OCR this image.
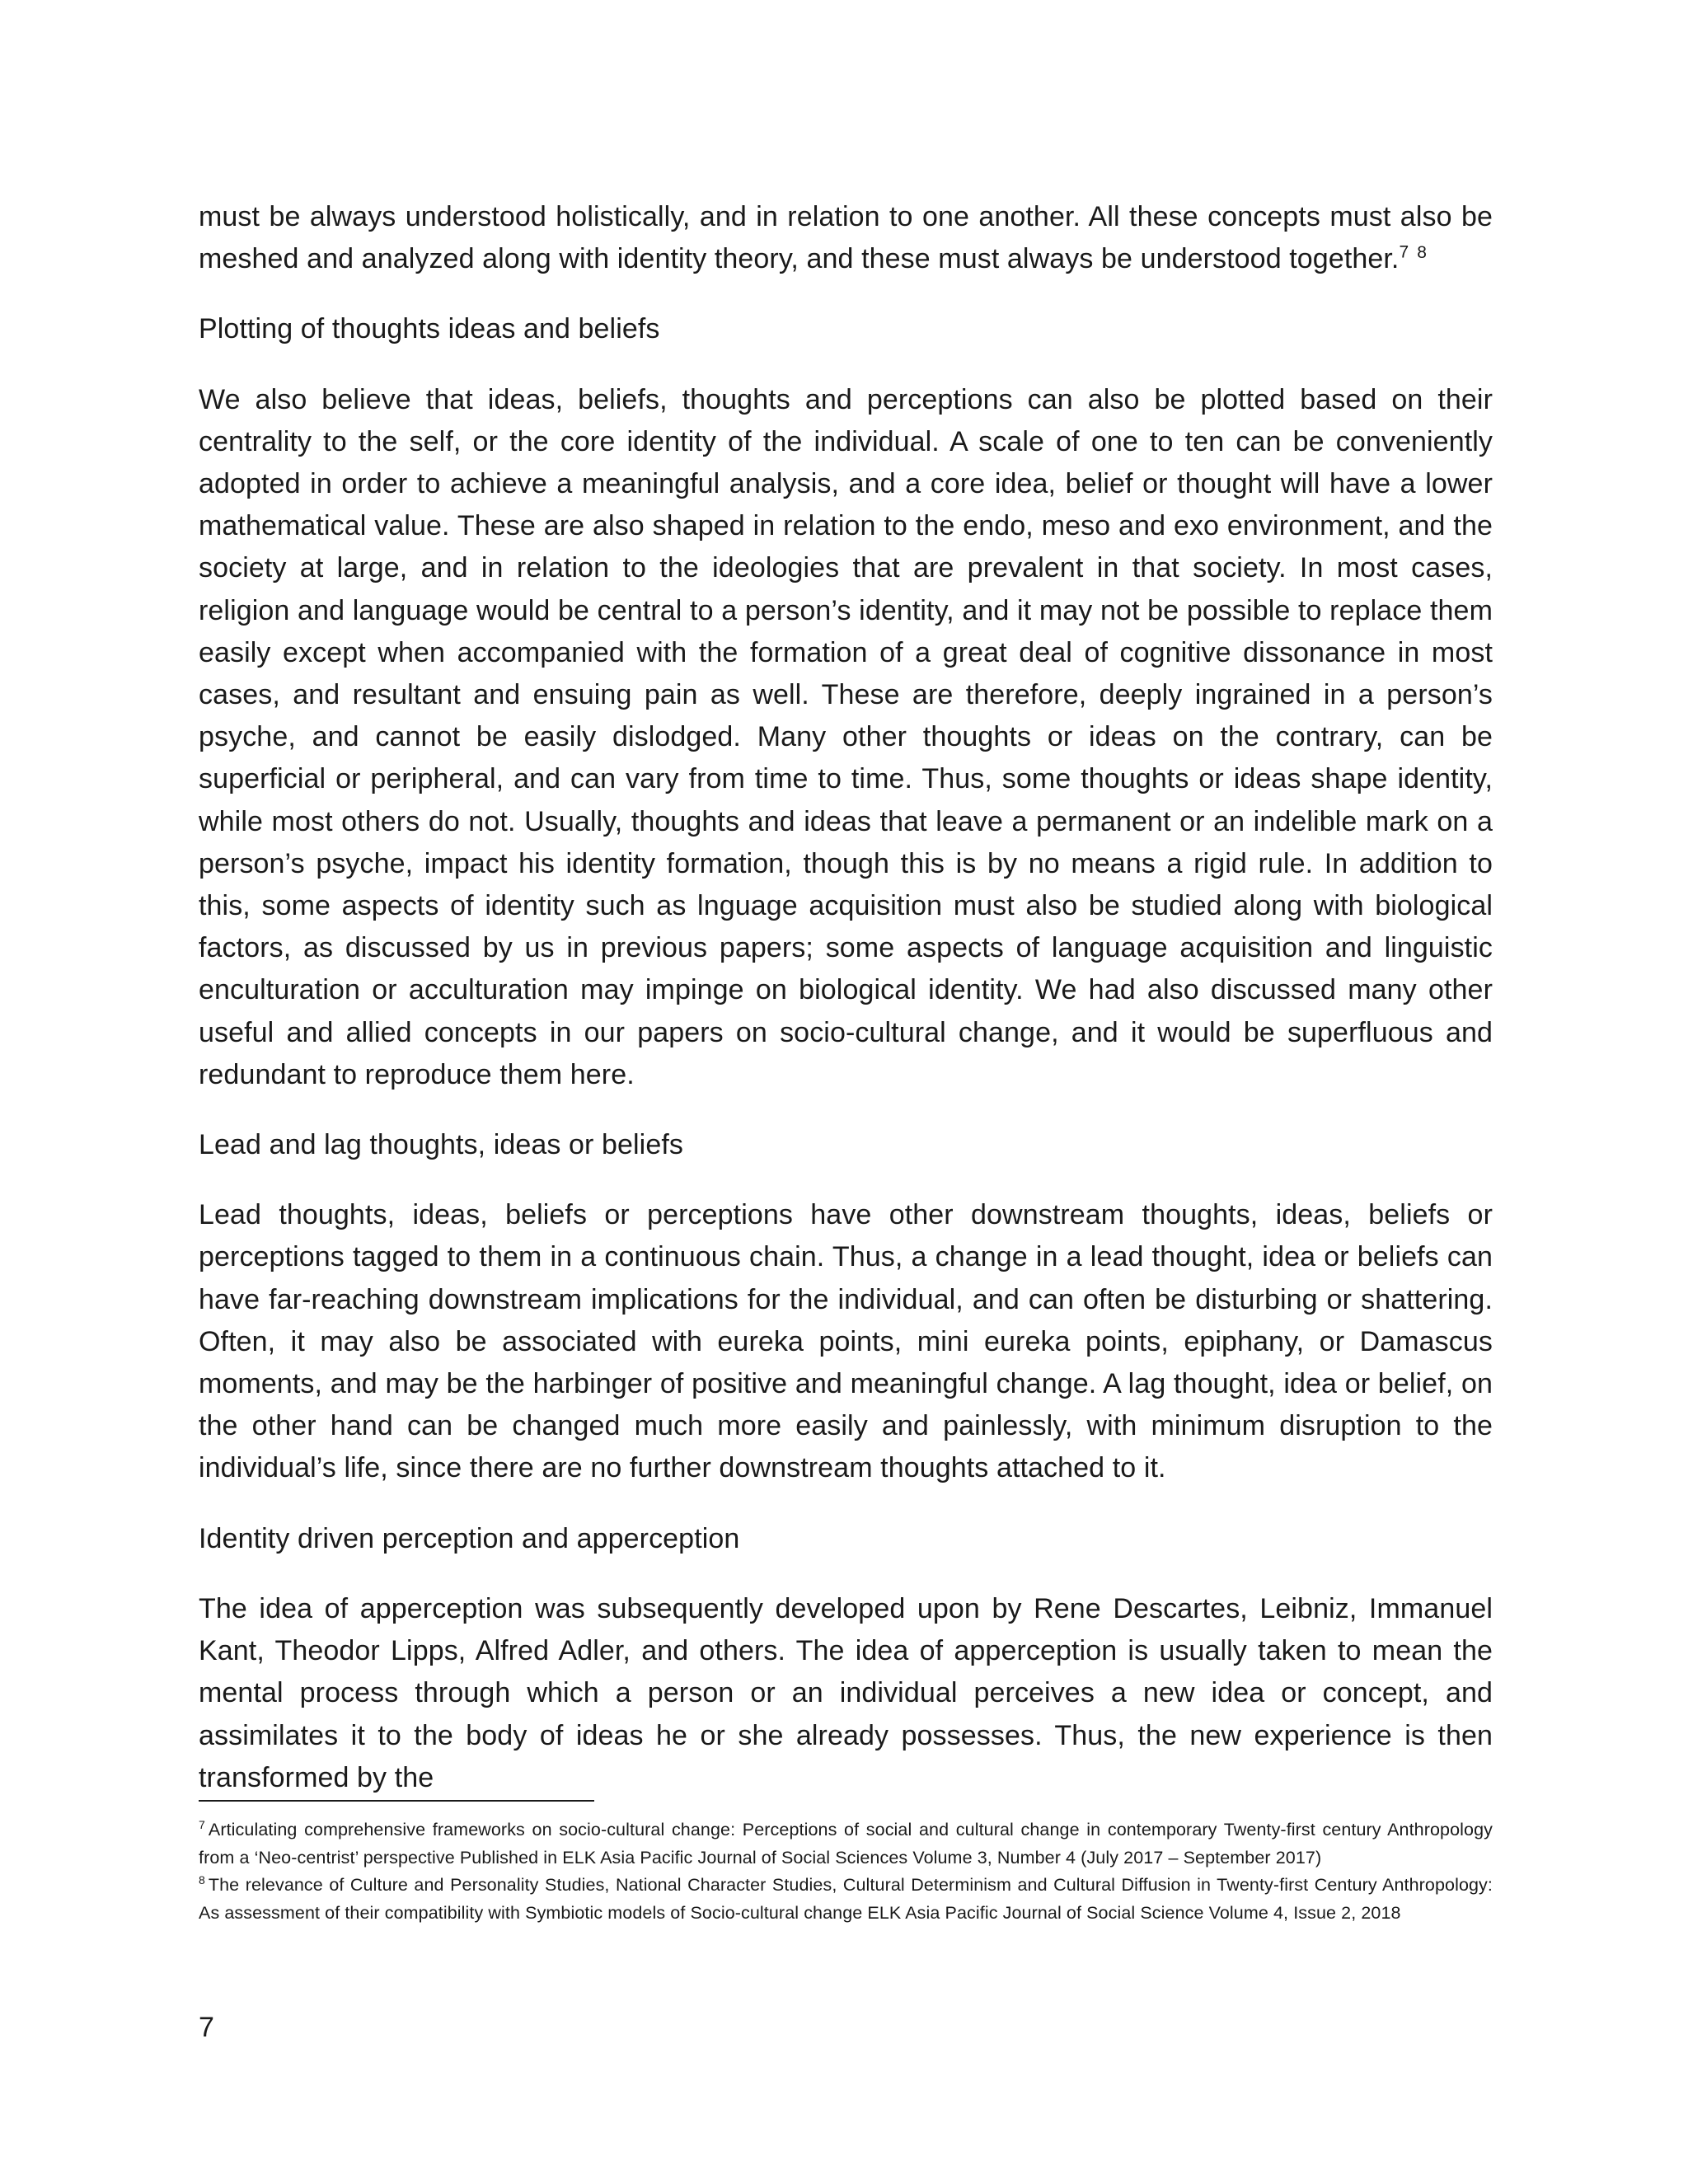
must be always understood holistically, and in relation to one another. All these concepts must also be meshed and analyzed along with identity theory, and these must always be understood together.$^7$ $^8$

Plotting of thoughts ideas and beliefs

We also believe that ideas, beliefs, thoughts and perceptions can also be plotted based on their centrality to the self, or the core identity of the individual. A scale of one to ten can be conveniently adopted in order to achieve a meaningful analysis, and a core idea, belief or thought will have a lower mathematical value. These are also shaped in relation to the endo, meso and exo environment, and the society at large, and in relation to the ideologies that are prevalent in that society. In most cases, religion and language would be central to a person’s identity, and it may not be possible to replace them easily except when accompanied with the formation of a great deal of cognitive dissonance in most cases, and resultant and ensuing pain as well. These are therefore, deeply ingrained in a person’s psyche, and cannot be easily dislodged. Many other thoughts or ideas on the contrary, can be superficial or peripheral, and can vary from time to time. Thus, some thoughts or ideas shape identity, while most others do not. Usually, thoughts and ideas that leave a permanent or an indelible mark on a person’s psyche, impact his identity formation, though this is by no means a rigid rule. In addition to this, some aspects of identity such as lnguage acquisition must also be studied along with biological factors, as discussed by us in previous papers; some aspects of language acquisition and linguistic enculturation or acculturation may impinge on biological identity. We had also discussed many other useful and allied concepts in our papers on socio-cultural change, and it would be superfluous and redundant to reproduce them here.

Lead and lag thoughts, ideas or beliefs

Lead thoughts, ideas, beliefs or perceptions have other downstream thoughts, ideas, beliefs or perceptions tagged to them in a continuous chain. Thus, a change in a lead thought, idea or beliefs can have far-reaching downstream implications for the individual, and can often be disturbing or shattering. Often, it may also be associated with eureka points, mini eureka points, epiphany, or Damascus moments, and may be the harbinger of positive and meaningful change. A lag thought, idea or belief, on the other hand can be changed much more easily and painlessly, with minimum disruption to the individual’s life, since there are no further downstream thoughts attached to it.

Identity driven perception and apperception

The idea of apperception was subsequently developed upon by Rene Descartes, Leibniz, Immanuel Kant, Theodor Lipps, Alfred Adler, and others. The idea of apperception is usually taken to mean the mental process through which a person or an individual perceives a new idea or concept, and assimilates it to the body of ideas he or she already possesses. Thus, the new experience is then transformed by the

$^7$ Articulating comprehensive frameworks on socio-cultural change: Perceptions of social and cultural change in contemporary Twenty-first century Anthropology from a ‘Neo-centrist’ perspective Published in ELK Asia Pacific Journal of Social Sciences Volume 3, Number 4 (July 2017 – September 2017)

$^8$ The relevance of Culture and Personality Studies, National Character Studies, Cultural Determinism and Cultural Diffusion in Twenty-first Century Anthropology: As assessment of their compatibility with Symbiotic models of Socio-cultural change ELK Asia Pacific Journal of Social Science Volume 4, Issue 2, 2018

7
